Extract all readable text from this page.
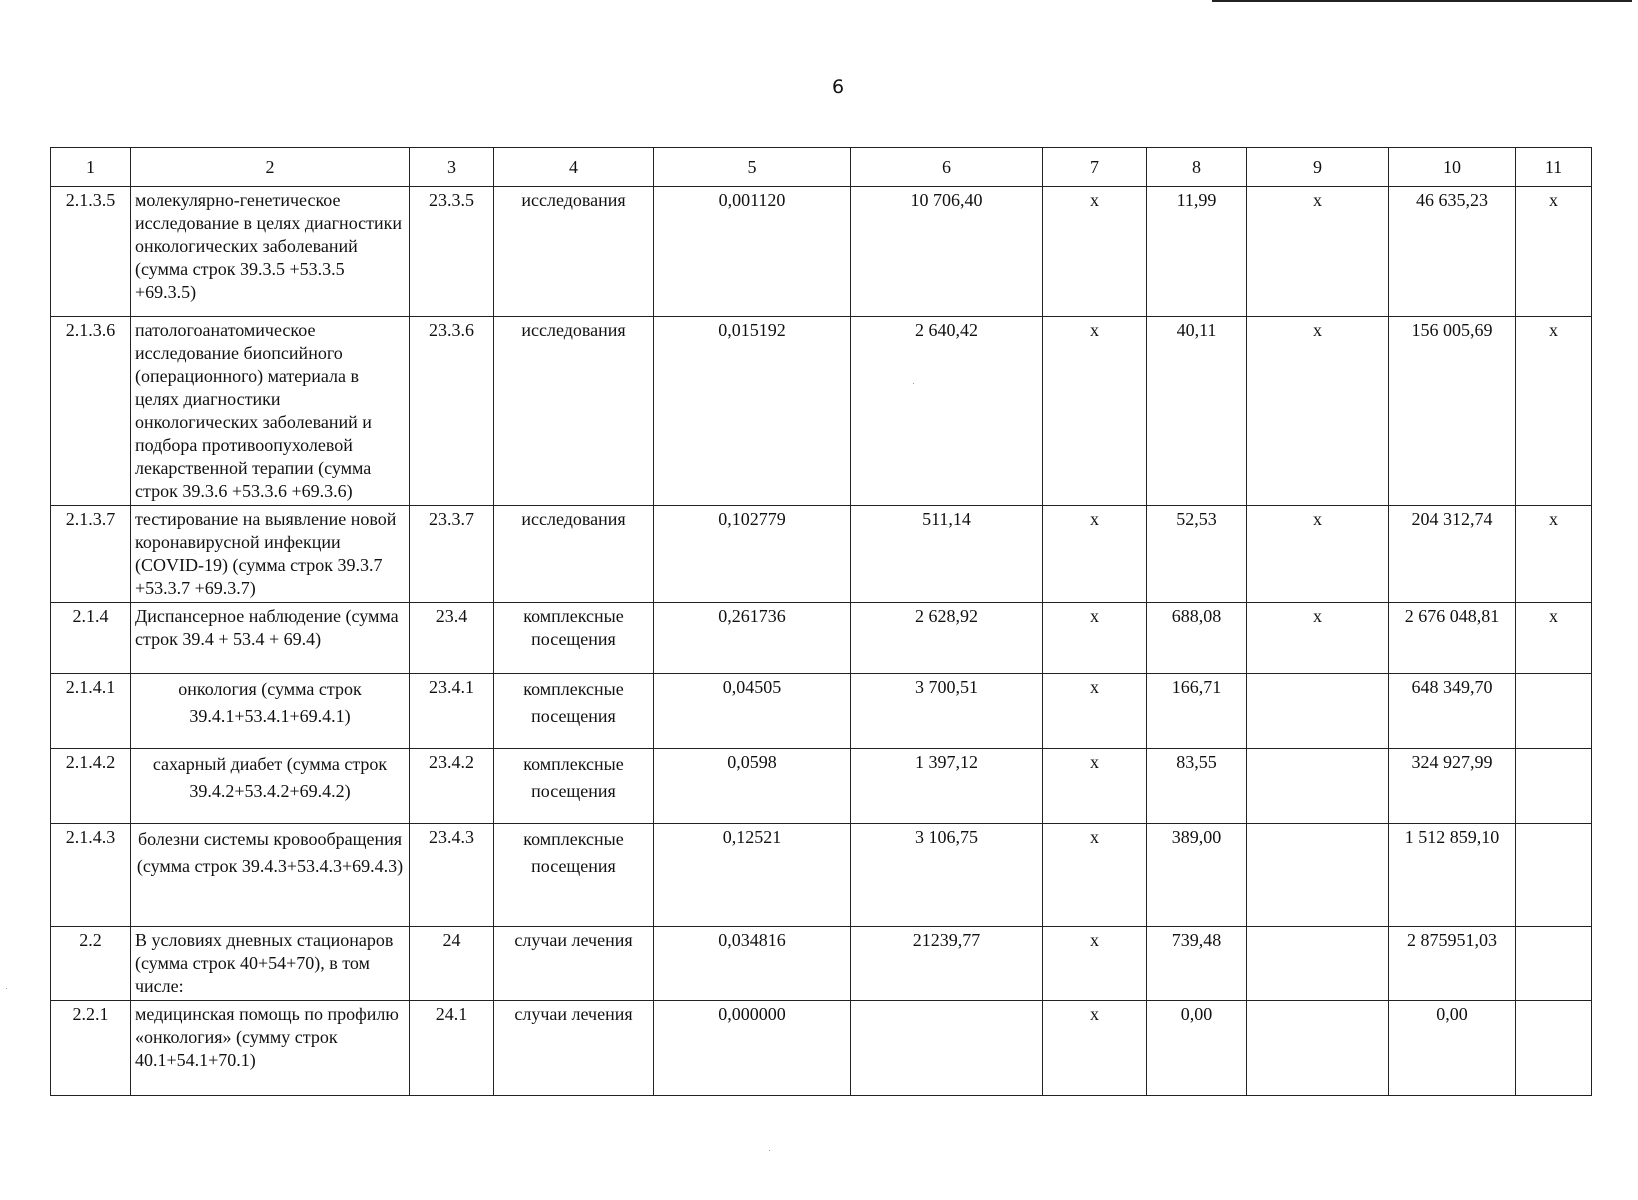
6
1	2	3	4	5	6	7	8	9	10	11
2.1.3.5	молекулярно-генетическое исследование в целях диагностики онкологических заболеваний (сумма строк 39.3.5 +53.3.5 +69.3.5)	23.3.5	исследования	0,001120	10 706,40	х	11,99	х	46 635,23	х
2.1.3.6	патологоанатомическое исследование биопсийного (операционного) материала в целях диагностики онкологических заболеваний и подбора противоопухолевой лекарственной терапии (сумма строк 39.3.6 +53.3.6 +69.3.6)	23.3.6	исследования	0,015192	2 640,42	х	40,11	х	156 005,69	х
2.1.3.7	тестирование на выявление новой коронавирусной инфекции (COVID-19) (сумма строк 39.3.7 +53.3.7 +69.3.7)	23.3.7	исследования	0,102779	511,14	х	52,53	х	204 312,74	х
2.1.4	Диспансерное наблюдение (сумма строк 39.4 + 53.4 + 69.4)	23.4	комплексные посещения	0,261736	2 628,92	х	688,08	х	2 676 048,81	х
2.1.4.1	онкология (сумма строк 39.4.1+53.4.1+69.4.1)	23.4.1	комплексные посещения	0,04505	3 700,51	х	166,71		648 349,70	
2.1.4.2	сахарный диабет (сумма строк 39.4.2+53.4.2+69.4.2)	23.4.2	комплексные посещения	0,0598	1 397,12	х	83,55		324 927,99	
2.1.4.3	болезни системы кровообращения (сумма строк 39.4.3+53.4.3+69.4.3)	23.4.3	комплексные посещения	0,12521	3 106,75	х	389,00		1 512 859,10	
2.2	В условиях дневных стационаров (сумма строк 40+54+70), в том числе:	24	случаи лечения	0,034816	21239,77	х	739,48		2 875951,03	
2.2.1	медицинская помощь по профилю «онкология» (сумму строк 40.1+54.1+70.1)	24.1	случаи лечения	0,000000		х	0,00		0,00	
